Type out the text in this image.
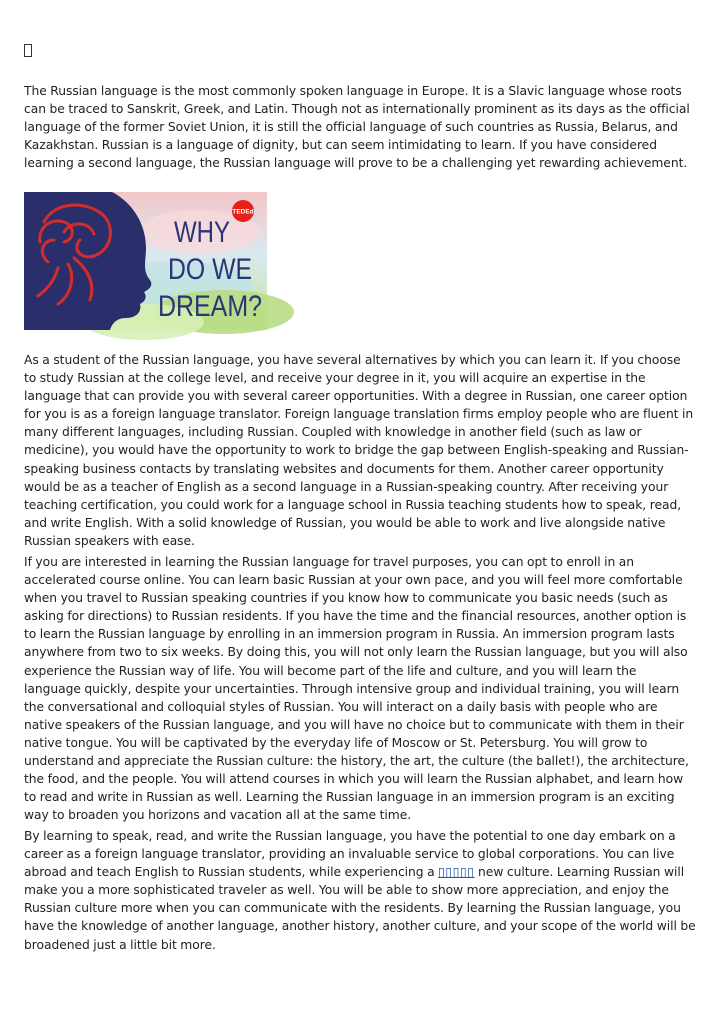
The Russian language is the most commonly spoken language in Europe. It is a Slavic language whose roots can be traced to Sanskrit, Greek, and Latin. Though not as internationally prominent as its days as the official language of the former Soviet Union, it is still the official language of such countries as Russia, Belarus, and Kazakhstan. Russian is a language of dignity, but can seem intimidating to learn. If you have considered learning a second language, the Russian language will prove to be a challenging yet rewarding achievement.

TEDEd
WHY
DO WE
DREAM?

As a student of the Russian language, you have several alternatives by which you can learn it. If you choose to study Russian at the college level, and receive your degree in it, you will acquire an expertise in the language that can provide you with several career opportunities. With a degree in Russian, one career option for you is as a foreign language translator. Foreign language translation firms employ people who are fluent in many different languages, including Russian. Coupled with knowledge in another field (such as law or medicine), you would have the opportunity to work to bridge the gap between English-speaking and Russian-speaking business contacts by translating websites and documents for them. Another career opportunity would be as a teacher of English as a second language in a Russian-speaking country. After receiving your teaching certification, you could work for a language school in Russia teaching students how to speak, read, and write English. With a solid knowledge of Russian, you would be able to work and live alongside native Russian speakers with ease.

If you are interested in learning the Russian language for travel purposes, you can opt to enroll in an accelerated course online. You can learn basic Russian at your own pace, and you will feel more comfortable when you travel to Russian speaking countries if you know how to communicate you basic needs (such as asking for directions) to Russian residents. If you have the time and the financial resources, another option is to learn the Russian language by enrolling in an immersion program in Russia. An immersion program lasts anywhere from two to six weeks. By doing this, you will not only learn the Russian language, but you will also experience the Russian way of life. You will become part of the life and culture, and you will learn the language quickly, despite your uncertainties. Through intensive group and individual training, you will learn the conversational and colloquial styles of Russian. You will interact on a daily basis with people who are native speakers of the Russian language, and you will have no choice but to communicate with them in their native tongue. You will be captivated by the everyday life of Moscow or St. Petersburg. You will grow to understand and appreciate the Russian culture: the history, the art, the culture (the ballet!), the architecture, the food, and the people. You will attend courses in which you will learn the Russian alphabet, and learn how to read and write in Russian as well. Learning the Russian language in an immersion program is an exciting way to broaden you horizons and vacation all at the same time.

By learning to speak, read, and write the Russian language, you have the potential to one day embark on a career as a foreign language translator, providing an invaluable service to global corporations. You can live abroad and teach English to Russian students, while experiencing a ▯▯▯▯▯ new culture. Learning Russian will make you a more sophisticated traveler as well. You will be able to show more appreciation, and enjoy the Russian culture more when you can communicate with the residents. By learning the Russian language, you have the knowledge of another language, another history, another culture, and your scope of the world will be broadened just a little bit more.
